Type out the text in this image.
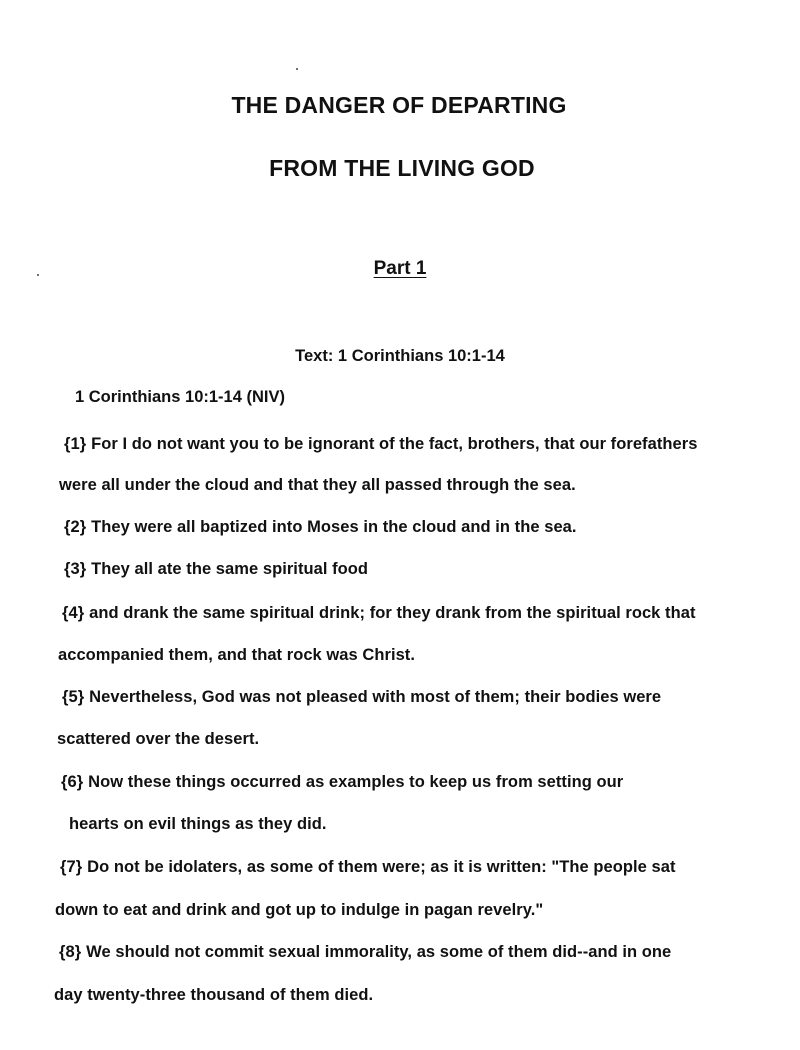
THE DANGER OF DEPARTING
FROM THE LIVING GOD
Part 1
Text: 1 Corinthians 10:1-14
1 Corinthians 10:1-14 (NIV)
{1} For I do not want you to be ignorant of the fact, brothers, that our forefathers
were all under the cloud and that they all passed through the sea.
{2} They were all baptized into Moses in the cloud and in the sea.
{3} They all ate the same spiritual food
{4} and drank the same spiritual drink; for they drank from the spiritual rock that
accompanied them, and that rock was Christ.
{5} Nevertheless, God was not pleased with most of them; their bodies were
scattered over the desert.
{6} Now these things occurred as examples to keep us from setting our
hearts on evil things as they did.
{7} Do not be idolaters, as some of them were; as it is written: "The people sat
down to eat and drink and got up to indulge in pagan revelry."
{8} We should not commit sexual immorality, as some of them did--and in one
day twenty-three thousand of them died.
